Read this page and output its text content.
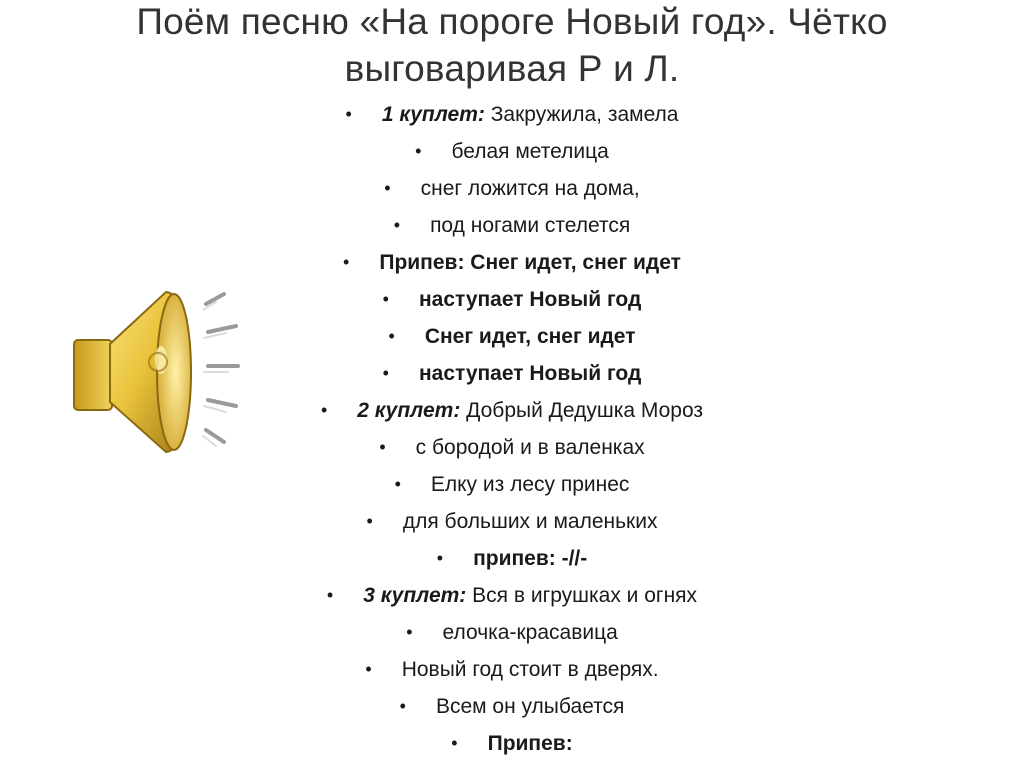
Поём песню «На пороге Новый год». Чётко
выговаривая Р и Л.
• 1 куплет: Закружила, замела
• белая метелица
• снег ложится на дома,
• под ногами стелется
• Припев: Снег идет, снег идет
• наступает Новый год
• Снег идет, снег идет
• наступает Новый год
• 2 куплет: Добрый Дедушка Мороз
• с бородой и в валенках
• Елку из лесу принес
• для больших и маленьких
• припев: -//-
• 3 куплет: Вся в игрушках и огнях
• елочка-красавица
• Новый год стоит в дверях.
• Всем он улыбается
• Припев:
